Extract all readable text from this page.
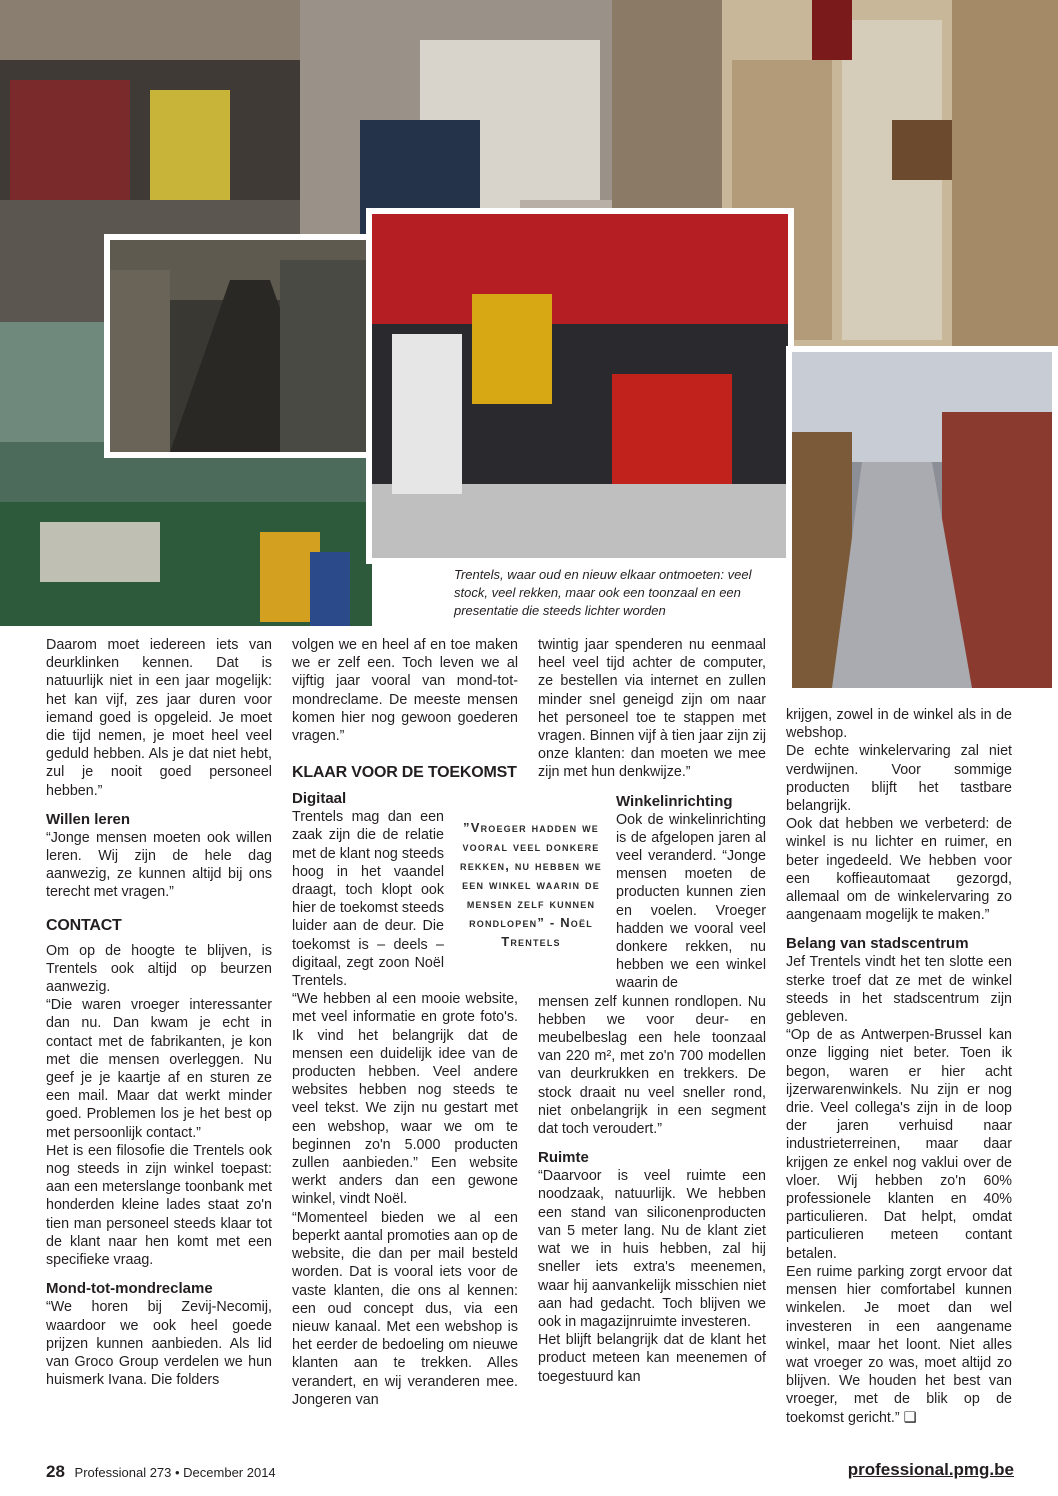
Trentels, waar oud en nieuw elkaar ontmoeten: veel stock, veel rekken, maar ook een toonzaal en een presentatie die steeds lichter worden

Daarom moet iedereen iets van deurklinken kennen. Dat is natuurlijk niet in een jaar mogelijk: het kan vijf, zes jaar duren voor iemand goed is opgeleid. Je moet die tijd nemen, je moet heel veel geduld hebben. Als je dat niet hebt, zul je nooit goed personeel hebben.”

Willen leren

“Jonge mensen moeten ook willen leren. Wij zijn de hele dag aanwezig, ze kunnen altijd bij ons terecht met vragen.”

CONTACT

Om op de hoogte te blijven, is Trentels ook altijd op beurzen aanwezig.

“Die waren vroeger interessanter dan nu. Dan kwam je echt in contact met de fabrikanten, je kon met die mensen overleggen. Nu geef je je kaartje af en sturen ze een mail. Maar dat werkt minder goed. Problemen los je het best op met persoonlijk contact.”

Het is een filosofie die Trentels ook nog steeds in zijn winkel toepast: aan een meterslange toonbank met honderden kleine lades staat zo'n tien man personeel steeds klaar tot de klant naar hen komt met een specifieke vraag.

Mond-tot-mondreclame

“We horen bij Zevij-Necomij, waardoor we ook heel goede prijzen kunnen aanbieden. Als lid van Groco Group verdelen we hun huismerk Ivana. Die folders

volgen we en heel af en toe maken we er zelf een. Toch leven we al vijftig jaar vooral van mond-tot-mondreclame. De meeste mensen komen hier nog gewoon goederen vragen.”

KLAAR VOOR DE TOEKOMST
Digitaal

Trentels mag dan een zaak zijn die de relatie met de klant nog steeds hoog in het vaandel draagt, toch klopt ook hier de toekomst steeds luider aan de deur. Die toekomst is – deels – digitaal, zegt zoon Noël Trentels.

“We hebben al een mooie website, met veel informatie en grote foto's. Ik vind het belangrijk dat de mensen een duidelijk idee van de producten hebben. Veel andere websites hebben nog steeds te veel tekst. We zijn nu gestart met een webshop, waar we om te beginnen zo'n 5.000 producten zullen aanbieden.” Een website werkt anders dan een gewone winkel, vindt Noël.

“Momenteel bieden we al een beperkt aantal promoties aan op de website, die dan per mail besteld worden. Dat is vooral iets voor de vaste klanten, die ons al kennen: een oud concept dus, via een nieuw kanaal. Met een webshop is het eerder de bedoeling om nieuwe klanten aan te trekken. Alles verandert, en wij veranderen mee. Jongeren van

”Vroeger hadden we vooral veel donkere rekken, nu hebben we een winkel waarin de mensen zelf kunnen rondlopen” - Noël Trentels

twintig jaar spenderen nu eenmaal heel veel tijd achter de computer, ze bestellen via internet en zullen minder snel geneigd zijn om naar het personeel toe te stappen met vragen. Binnen vijf à tien jaar zijn zij onze klanten: dan moeten we mee zijn met hun denkwijze.”

Winkelinrichting

Ook de winkelinrichting is de afgelopen jaren al veel veranderd. “Jonge mensen moeten de producten kunnen zien en voelen. Vroeger hadden we vooral veel donkere rekken, nu hebben we een winkel waarin de

mensen zelf kunnen rondlopen. Nu hebben we voor deur- en meubelbeslag een hele toonzaal van 220 m², met zo'n 700 modellen van deurkrukken en trekkers. De stock draait nu veel sneller rond, niet onbelangrijk in een segment dat toch veroudert.”

Ruimte

“Daarvoor is veel ruimte een noodzaak, natuurlijk. We hebben een stand van siliconenproducten van 5 meter lang. Nu de klant ziet wat we in huis hebben, zal hij sneller iets extra's meenemen, waar hij aanvankelijk misschien niet aan had gedacht. Toch blijven we ook in magazijnruimte investeren.

Het blijft belangrijk dat de klant het product meteen kan meenemen of toegestuurd kan

krijgen, zowel in de winkel als in de webshop.

De echte winkelervaring zal niet verdwijnen. Voor sommige producten blijft het tastbare belangrijk.

Ook dat hebben we verbeterd: de winkel is nu lichter en ruimer, en beter ingedeeld. We hebben voor een koffieautomaat gezorgd, allemaal om de winkelervaring zo aangenaam mogelijk te maken.”

Belang van stadscentrum

Jef Trentels vindt het ten slotte een sterke troef dat ze met de winkel steeds in het stadscentrum zijn gebleven.

“Op de as Antwerpen-Brussel kan onze ligging niet beter. Toen ik begon, waren er hier acht ijzerwarenwinkels. Nu zijn er nog drie. Veel collega's zijn in de loop der jaren verhuisd naar industrieterreinen, maar daar krijgen ze enkel nog vaklui over de vloer. Wij hebben zo'n 60% professionele klanten en 40% particulieren. Dat helpt, omdat particulieren meteen contant betalen.

Een ruime parking zorgt ervoor dat mensen hier comfortabel kunnen winkelen. Je moet dan wel investeren in een aangename winkel, maar het loont. Niet alles wat vroeger zo was, moet altijd zo blijven. We houden het best van vroeger, met de blik op de toekomst gericht.” ❑

28 Professional 273 • December 2014	professional.pmg.be
